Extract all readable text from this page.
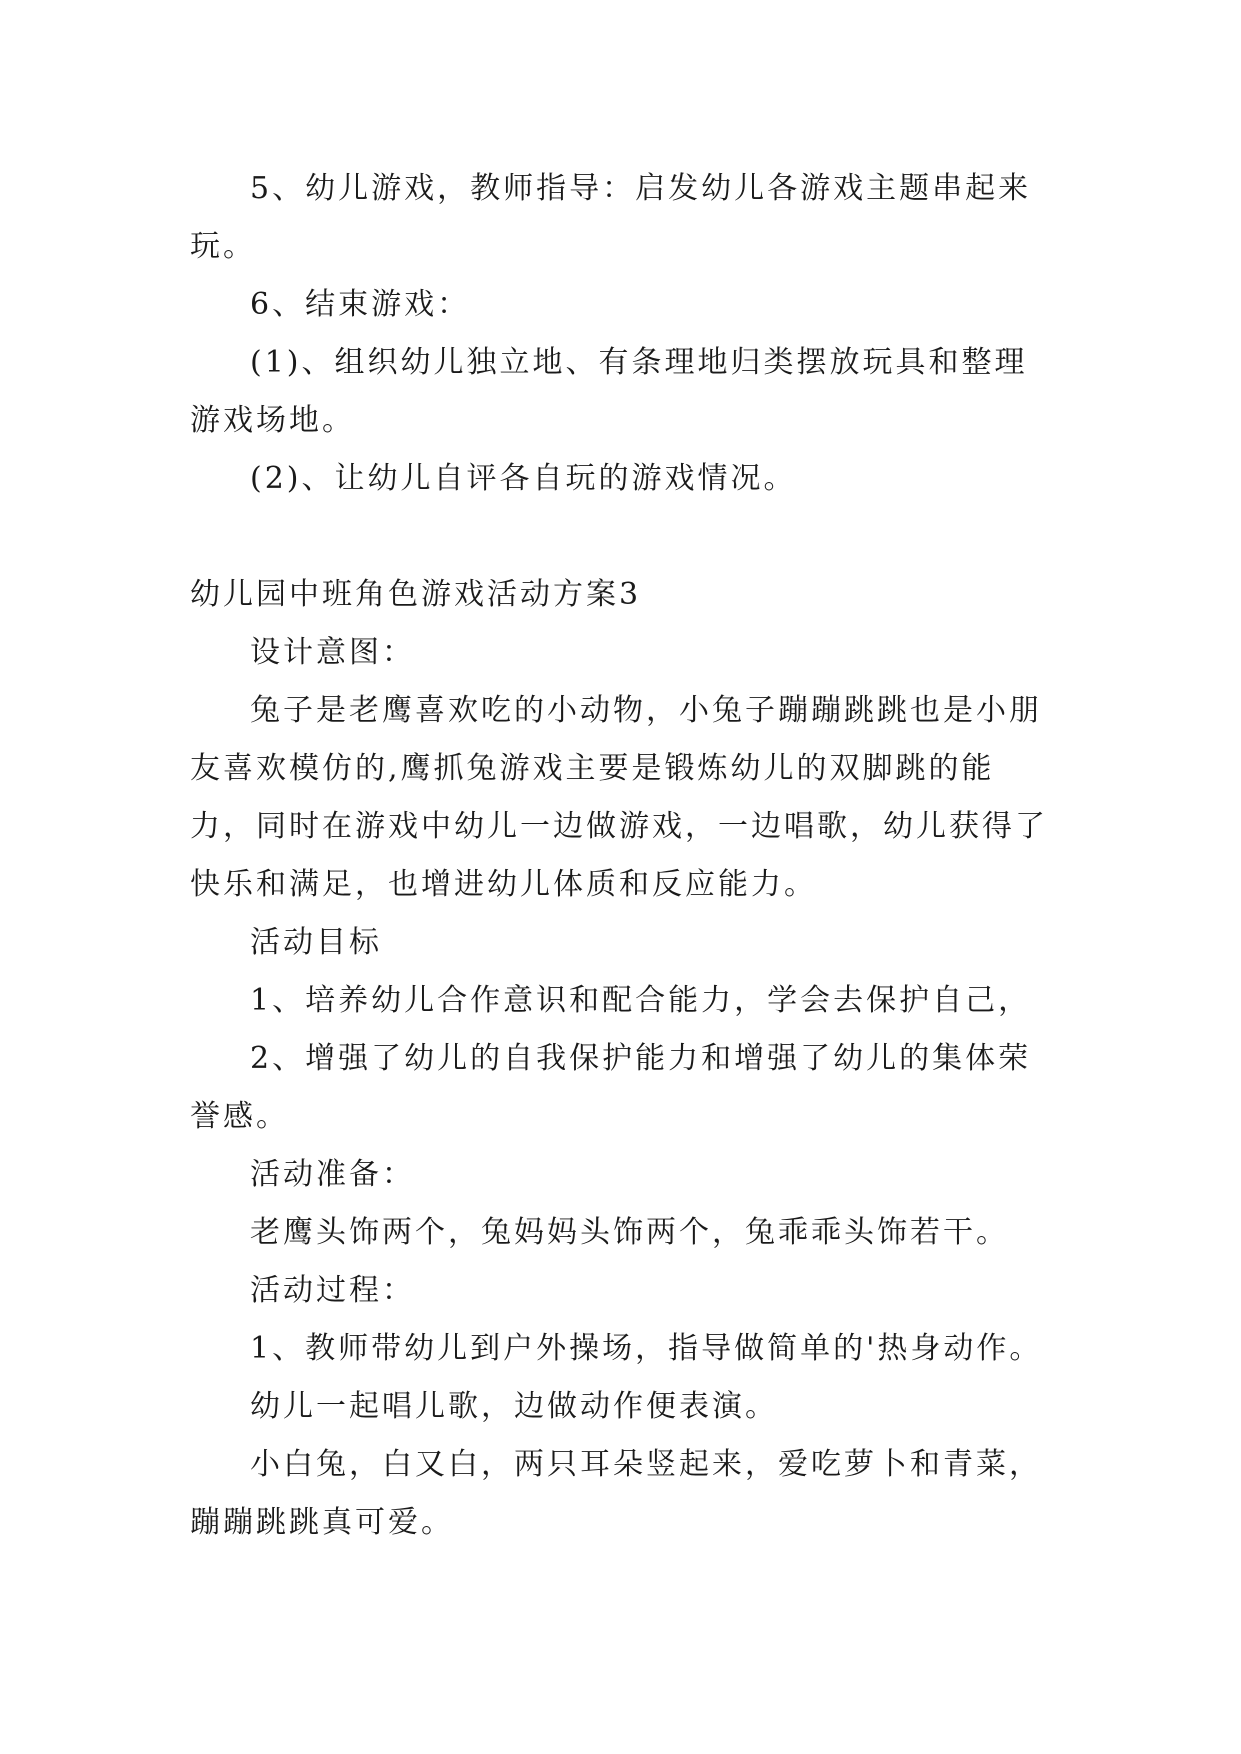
5、幼儿游戏，教师指导：启发幼儿各游戏主题串起来玩。

6、结束游戏：

(1)、组织幼儿独立地、有条理地归类摆放玩具和整理游戏场地。

(2)、让幼儿自评各自玩的游戏情况。

幼儿园中班角色游戏活动方案3

设计意图：

兔子是老鹰喜欢吃的小动物，小兔子蹦蹦跳跳也是小朋友喜欢模仿的,鹰抓兔游戏主要是锻炼幼儿的双脚跳的能力，同时在游戏中幼儿一边做游戏，一边唱歌，幼儿获得了快乐和满足，也增进幼儿体质和反应能力。

活动目标

1、培养幼儿合作意识和配合能力，学会去保护自己，

2、增强了幼儿的自我保护能力和增强了幼儿的集体荣誉感。

活动准备：

老鹰头饰两个，兔妈妈头饰两个，兔乖乖头饰若干。

活动过程：

1、教师带幼儿到户外操场，指导做简单的'热身动作。

幼儿一起唱儿歌，边做动作便表演。

小白兔，白又白，两只耳朵竖起来，爱吃萝卜和青菜，蹦蹦跳跳真可爱。
